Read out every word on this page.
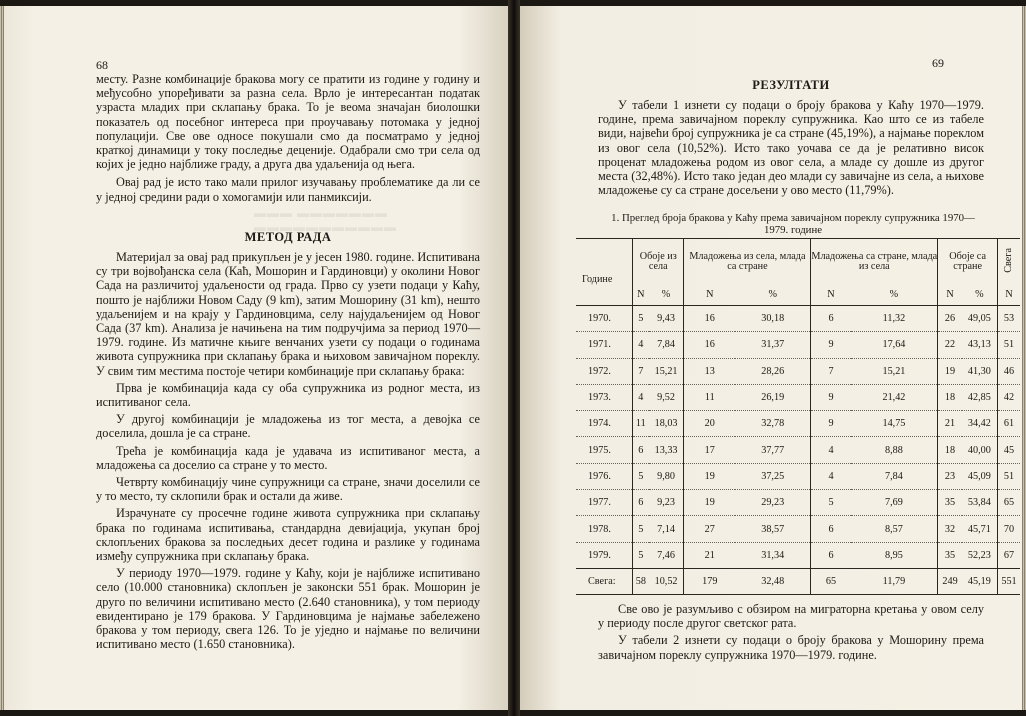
▬▬▬ ▬▬▬▬▬▬▬ ▬▬▬▬▬▬▬▬▬▬▬
68

месту. Разне комбинације бракова могу се пратити из године у годину и међусобно упоређивати за разна села. Врло је интересантан податак узраста младих при склапању брака. То је веома значајан биолошки показатељ од посебног интереса при проучавању потомака у једној популацији. Све ове односе покушали смо да посматрамо у једној краткој динамици у току последње деценије. Одабрали смо три села од којих је једно најближе граду, а друга два удаљенија од њега.

Овај рад је исто тако мали прилог изучавању проблематике да ли се у једној средини ради о хомогамији или панмиксији.

МЕТОД РАДА

Материјал за овај рад прикупљен је у јесен 1980. године. Испитивана су три војвођанска села (Каћ, Мошорин и Гардиновци) у околини Новог Сада на различитој удаљености од града. Прво су узети подаци у Каћу, пошто је најближи Новом Саду (9 km), затим Мошорину (31 km), нешто удаљенијем и на крају у Гардиновцима, селу најудаљенијем од Новог Сада (37 km). Анализа је начињена на тим подручјима за период 1970—1979. године. Из матичне књиге венчаних узети су подаци о годинама живота супружника при склапању брака и њиховом завичајном пореклу. У свим тим местима постоје четири комбинације при склапању брака:

Прва је комбинација када су оба супружника из родног места, из испитиваног села.

У другој комбинацији је младожења из тог места, а девојка се доселила, дошла је са стране.

Трећа је комбинација када је удавача из испитиваног места, а младожења са доселио са стране у то место.

Четврту комбинацију чине супружници са стране, значи доселили се у то место, ту склопили брак и остали да живе.

Израчунате су просечне године живота супружника при склапању брака по годинама испитивања, стандардна девијација, укупан број склопљених бракова за последњих десет година и разлике у годинама између супружника при склапању брака.

У периоду 1970—1979. године у Каћу, који је најближе испитивано село (10.000 становника) склопљен је законски 551 брак. Мошорин је друго по величини испитивано место (2.640 становника), у том периоду евидентирано је 179 бракова. У Гардиновцима је најмање забележено бракова у том периоду, свега 126. То је уједно и најмање по величини испитивано место (1.650 становника).

69
РЕЗУЛТАТИ

У табели 1 изнети су подаци о броју бракова у Каћу 1970—1979. године, према завичајном пореклу супружника. Као што се из табеле види, највећи број супружника је са стране (45,19%), а најмање пореклом из овог села (10,52%). Исто тако уочава се да је релативно висок проценат младожења родом из овог села, а младе су дошле из другог места (32,48%). Исто тако један део млади су завичајне из села, а њихове младожење су са стране досељени у ово место (11,79%).

1. Преглед броја бракова у Каћу према завичајном пореклу супружника 1970—1979. године
Године	Обоје из села		Младожења из села, млада са стране		Младожења са стране, млада из села		Обоје са стране		Свега
	N	%	N	%	N	%	N	%	N
1970.	5	9,43	16	30,18	6	11,32	26	49,05	53
1971.	4	7,84	16	31,37	9	17,64	22	43,13	51
1972.	7	15,21	13	28,26	7	15,21	19	41,30	46
1973.	4	9,52	11	26,19	9	21,42	18	42,85	42
1974.	11	18,03	20	32,78	9	14,75	21	34,42	61
1975.	6	13,33	17	37,77	4	8,88	18	40,00	45
1976.	5	9,80	19	37,25	4	7,84	23	45,09	51
1977.	6	9,23	19	29,23	5	7,69	35	53,84	65
1978.	5	7,14	27	38,57	6	8,57	32	45,71	70
1979.	5	7,46	21	31,34	6	8,95	35	52,23	67
Свега:	58	10,52	179	32,48	65	11,79	249	45,19	551

Све ово је разумљиво с обзиром на миграторна кретања у овом селу у периоду после другог светског рата.

У табели 2 изнети су подаци о броју бракова у Мошорину према завичајном пореклу супружника 1970—1979. године.
